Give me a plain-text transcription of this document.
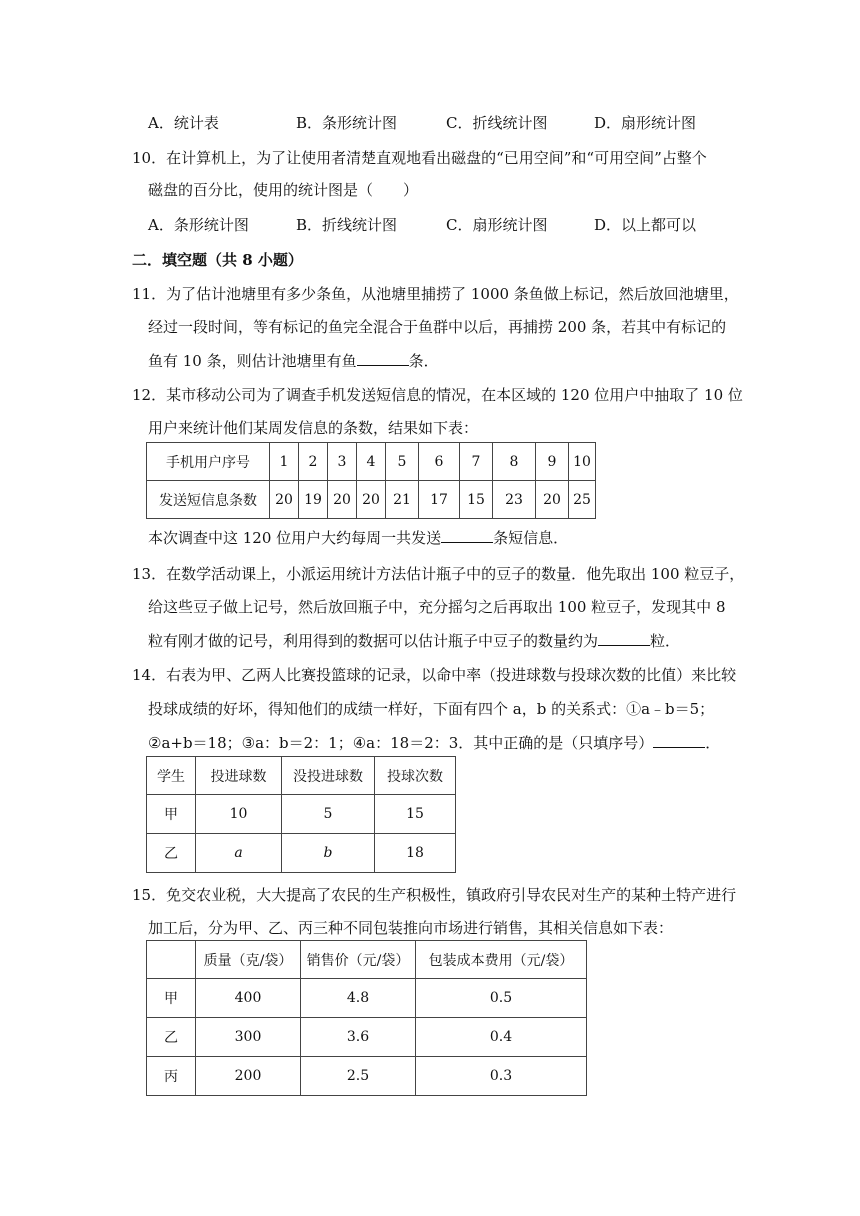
A．统计表	B．条形统计图	C．折线统计图	D．扇形统计图
10．在计算机上，为了让使用者清楚直观地看出磁盘的“已用空间”和“可用空间”占整个
磁盘的百分比，使用的统计图是（　　）
A．条形统计图	B．折线统计图	C．扇形统计图	D．以上都可以
二．填空题（共 8 小题）
11．为了估计池塘里有多少条鱼，从池塘里捕捞了 1000 条鱼做上标记，然后放回池塘里，
经过一段时间，等有标记的鱼完全混合于鱼群中以后，再捕捞 200 条，若其中有标记的
鱼有 10 条，则估计池塘里有鱼	条．
12．某市移动公司为了调查手机发送短信息的情况，在本区域的 120 位用户中抽取了 10 位
用户来统计他们某周发信息的条数，结果如下表：
手机用户序号	1	2	3	4	5	6	7	8	9	10
发送短信息条数	20	19	20	20	21	17	15	23	20	25
本次调查中这 120 位用户大约每周一共发送	条短信息．
13．在数学活动课上，小派运用统计方法估计瓶子中的豆子的数量．他先取出 100 粒豆子，
给这些豆子做上记号，然后放回瓶子中，充分摇匀之后再取出 100 粒豆子，发现其中 8
粒有刚才做的记号，利用得到的数据可以估计瓶子中豆子的数量约为	粒．
14．右表为甲、乙两人比赛投篮球的记录，以命中率（投进球数与投球次数的比值）来比较
投球成绩的好坏，得知他们的成绩一样好，下面有四个 a，b 的关系式：①a﹣b＝5；
②a+b＝18；③a：b＝2：1；④a：18＝2：3．其中正确的是（只填序号）	．
学生	投进球数	没投进球数	投球次数
甲	10	5	15
乙	a	b	18
15．免交农业税，大大提高了农民的生产积极性，镇政府引导农民对生产的某种土特产进行
加工后，分为甲、乙、丙三种不同包装推向市场进行销售，其相关信息如下表：
	质量（克/袋）	销售价（元/袋）	包装成本费用（元/袋）
甲	400	4.8	0.5
乙	300	3.6	0.4
丙	200	2.5	0.3
